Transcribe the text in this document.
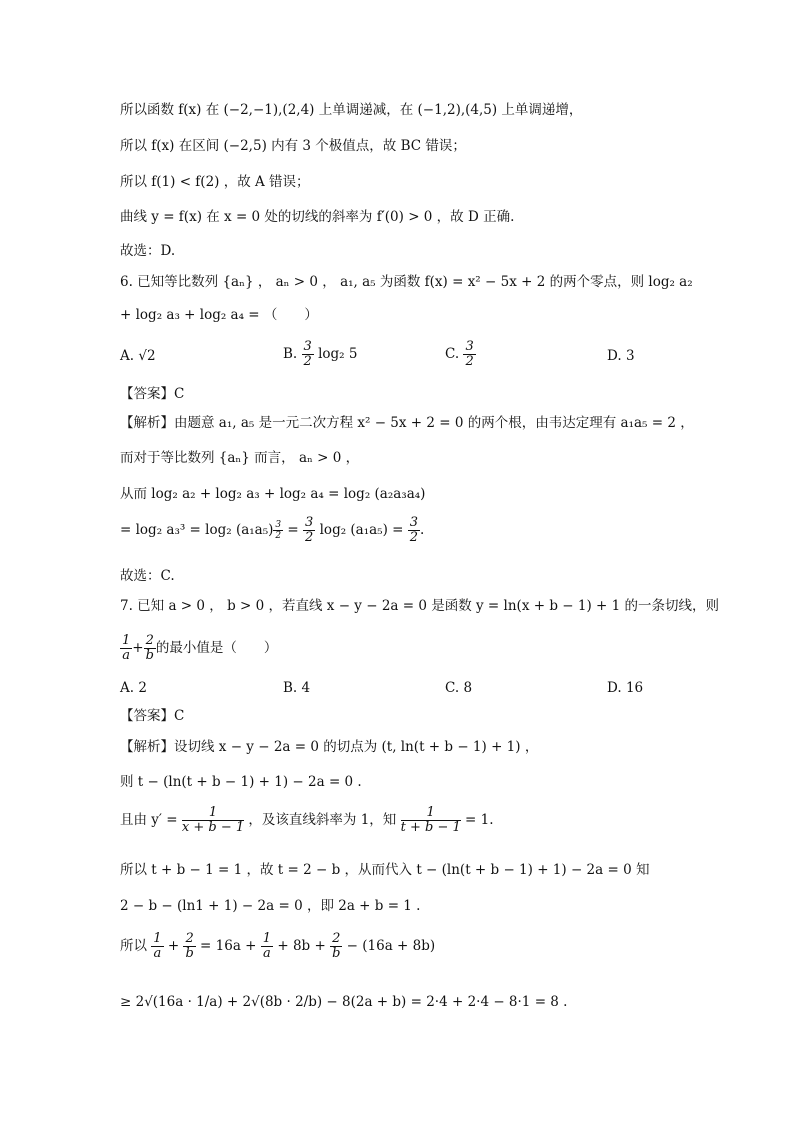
所以函数 f(x) 在 (−2,−1),(2,4) 上单调递减，在 (−1,2),(4,5) 上单调递增，
所以 f(x) 在区间 (−2,5) 内有 3 个极值点，故 BC 错误；
所以 f(1) < f(2) ，故 A 错误；
曲线 y = f(x) 在 x = 0 处的切线的斜率为 f′(0) > 0 ，故 D 正确.
故选：D.
6. 已知等比数列 {aₙ} ， aₙ > 0 ， a₁, a₅ 为函数 f(x) = x² − 5x + 2 的两个零点，则 log₂ a₂
+ log₂ a₃ + log₂ a₄ = （　　）
A. √2	B. $\frac{3}{2} \log_2$ 5	C. $\frac{3}{2}$	D. 3
【答案】C
【解析】由题意 a₁, a₅ 是一元二次方程 x² − 5x + 2 = 0 的两个根，由韦达定理有 a₁a₅ = 2 ，
而对于等比数列 {aₙ} 而言， aₙ > 0 ，
从而 log₂ a₂ + log₂ a₃ + log₂ a₄ = log₂ (a₂a₃a₄)
= log₂ a₃³ = log₂ $(a_1a_5) \frac{3}{2} = \frac{3}{2} \log_2$ $(a_1a_5) = \frac{3}{2}$ .
故选：C.
7. 已知 a > 0 ， b > 0 ，若直线 x − y − 2a = 0 是函数 y = ln(x + b − 1) + 1 的一条切线，则
$\frac{1}{a} + \frac{2}{b}$ 的最小值是（　　）
A. 2	B. 4	C. 8	D. 16
【答案】C
【解析】设切线 x − y − 2a = 0 的切点为 (t, ln(t + b − 1) + 1) ，
则 t − (ln(t + b − 1) + 1) − 2a = 0 .
且由 $y' = \frac{1}{x + b - 1}$ ，及该直线斜率为 1，知 $\frac{1}{t + b - 1} = 1$.
所以 t + b − 1 = 1 ，故 t = 2 − b ，从而代入 t − (ln(t + b − 1) + 1) − 2a = 0 知
2 − b − (ln1 + 1) − 2a = 0 ，即 2a + b = 1 .
所以 $\frac{1}{a} + \frac{2}{b} = 16a + \frac{1}{a} + 8b + \frac{2}{b} - (16a + 8b)$
≥ 2√(16a · 1/a) + 2√(8b · 2/b) − 8(2a + b) = 2·4 + 2·4 − 8·1 = 8 .
